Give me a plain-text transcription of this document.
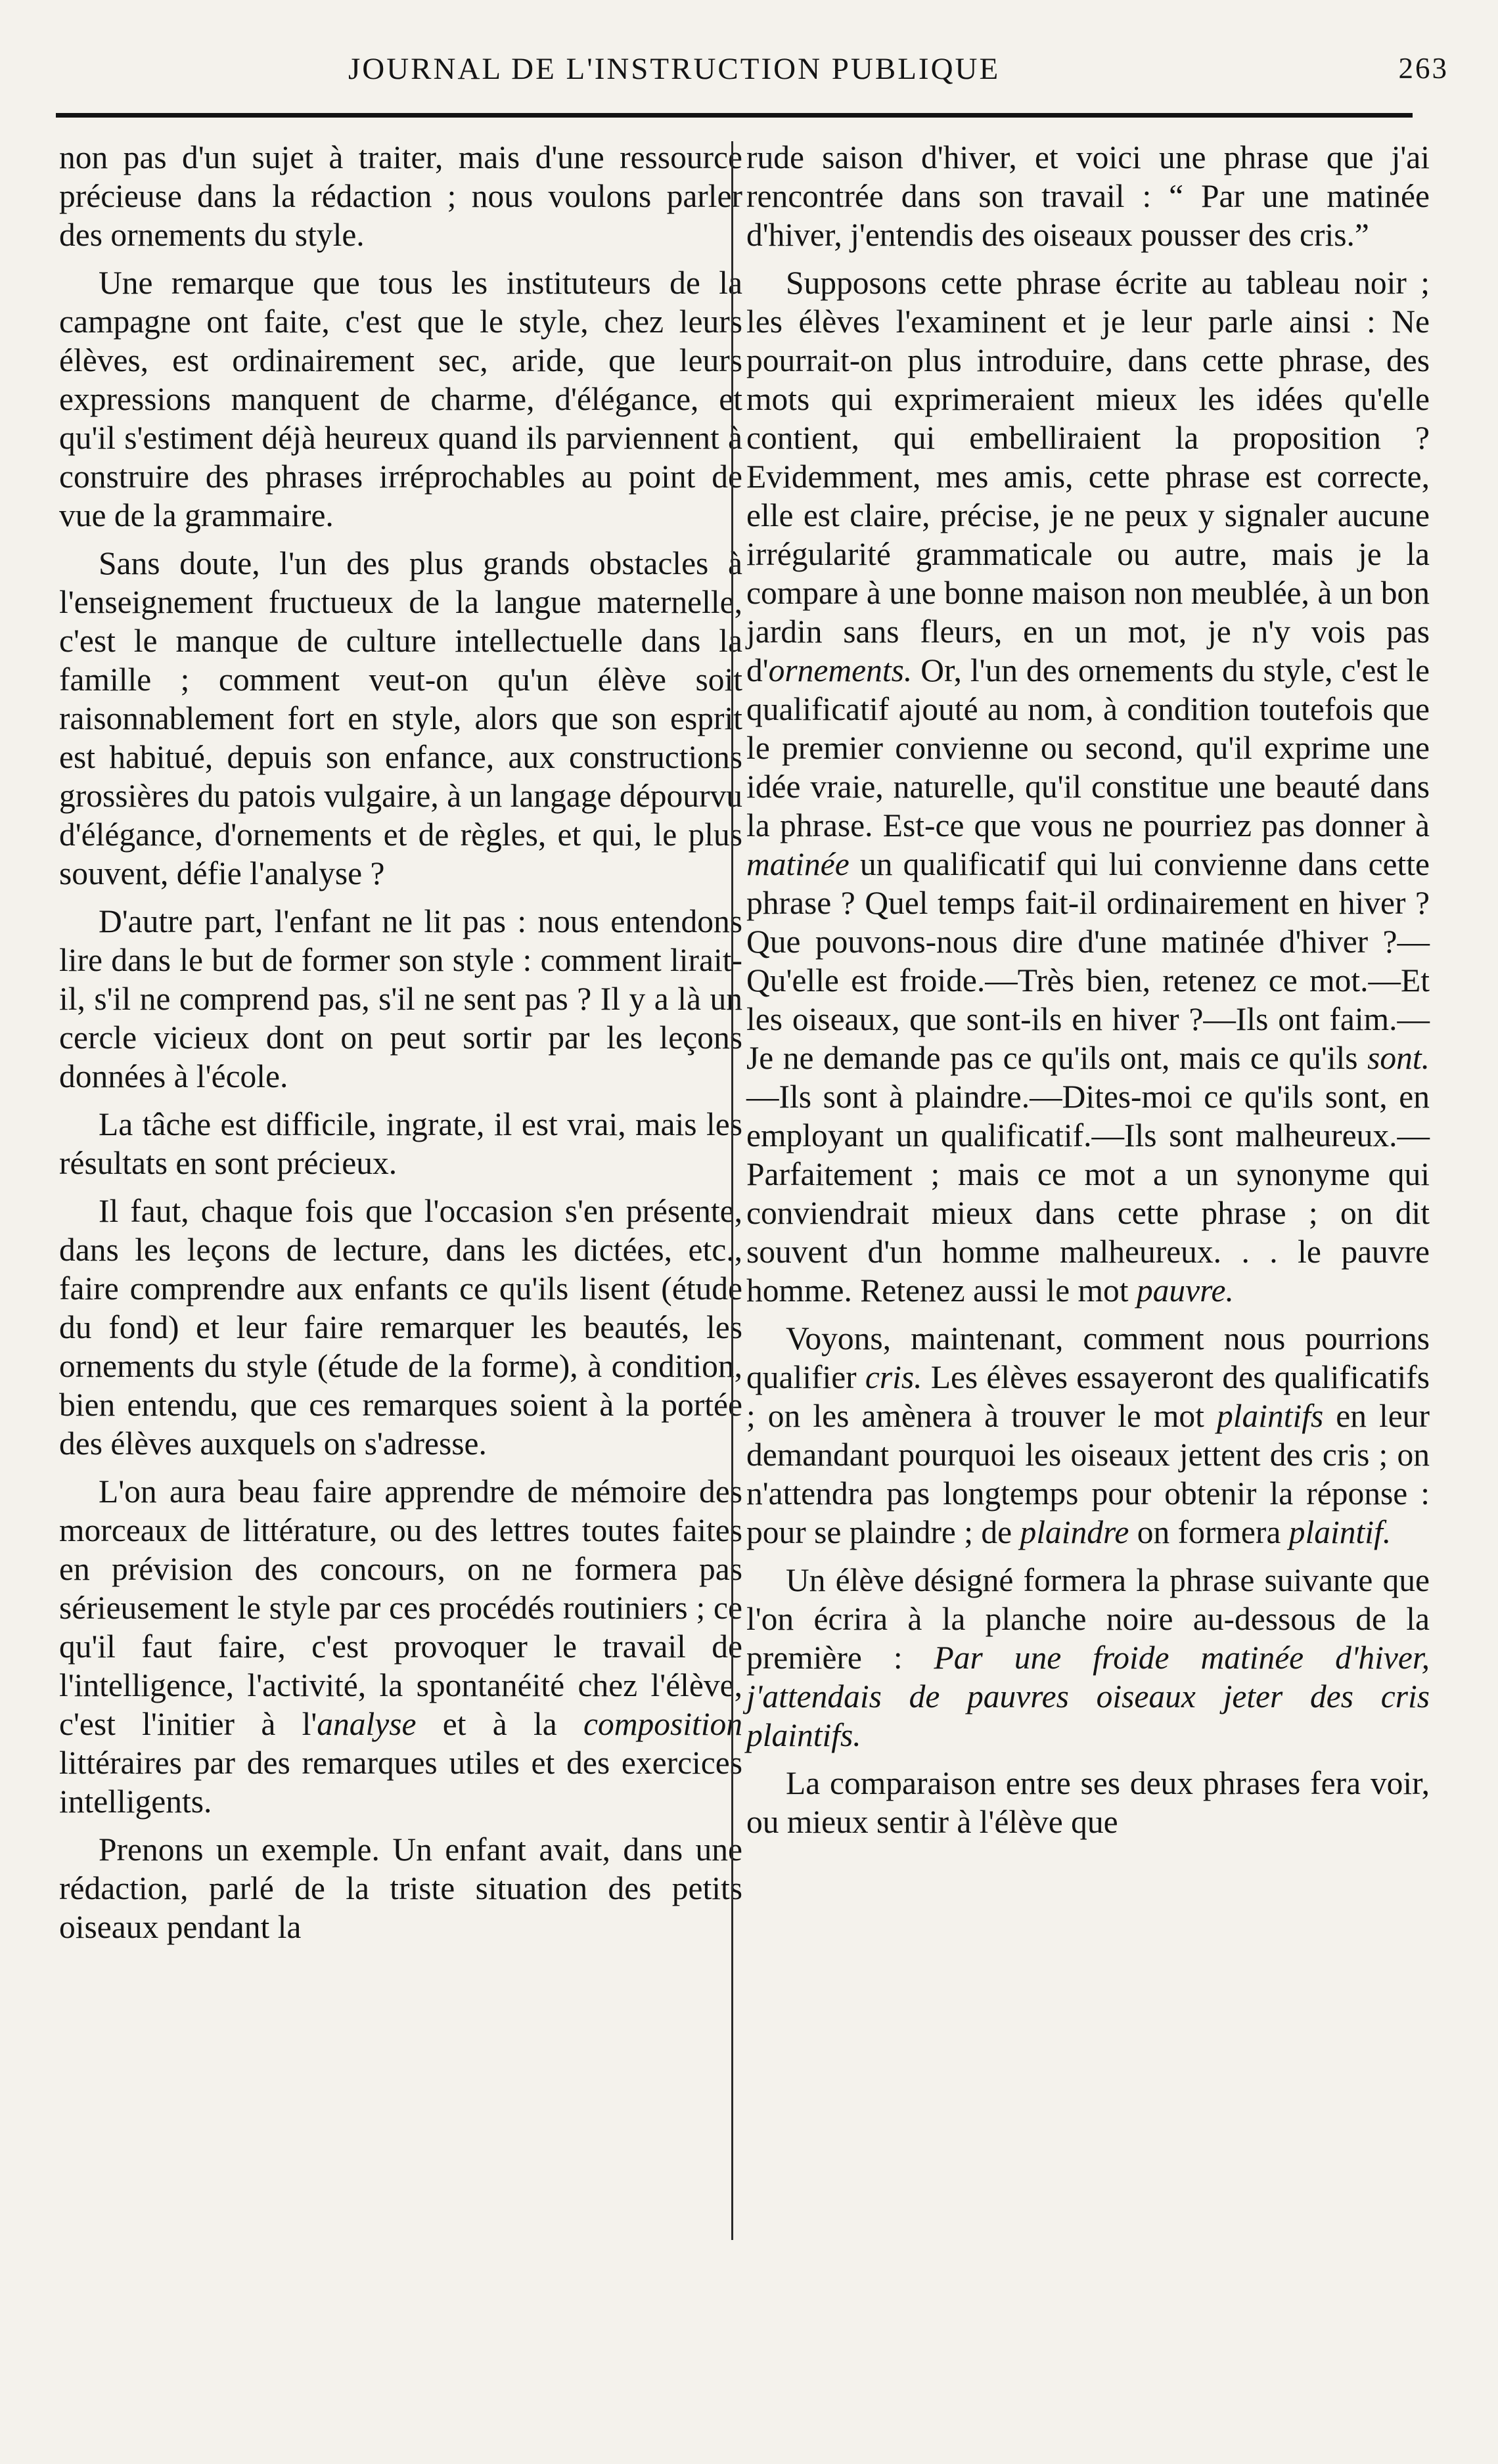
JOURNAL DE L'INSTRUCTION PUBLIQUE	263

non pas d'un sujet à traiter, mais d'une ressource précieuse dans la rédaction ; nous voulons parler des ornements du style.

Une remarque que tous les instituteurs de la campagne ont faite, c'est que le style, chez leurs élèves, est ordinairement sec, aride, que leurs expressions manquent de charme, d'élégance, et qu'il s'estiment déjà heureux quand ils parviennent à construire des phrases irréprochables au point de vue de la grammaire.

Sans doute, l'un des plus grands obstacles à l'enseignement fructueux de la langue maternelle, c'est le manque de culture intellectuelle dans la famille ; comment veut-on qu'un élève soit raisonnablement fort en style, alors que son esprit est habitué, depuis son enfance, aux constructions grossières du patois vulgaire, à un langage dépourvu d'élégance, d'ornements et de règles, et qui, le plus souvent, défie l'analyse ?

D'autre part, l'enfant ne lit pas : nous entendons lire dans le but de former son style : comment lirait-il, s'il ne comprend pas, s'il ne sent pas ? Il y a là un cercle vicieux dont on peut sortir par les leçons données à l'école.

La tâche est difficile, ingrate, il est vrai, mais les résultats en sont précieux.

Il faut, chaque fois que l'occasion s'en présente, dans les leçons de lecture, dans les dictées, etc., faire comprendre aux enfants ce qu'ils lisent (étude du fond) et leur faire remarquer les beautés, les ornements du style (étude de la forme), à condition, bien entendu, que ces remarques soient à la portée des élèves auxquels on s'adresse.

L'on aura beau faire apprendre de mémoire des morceaux de littérature, ou des lettres toutes faites en prévision des concours, on ne formera pas sérieusement le style par ces procédés routiniers ; ce qu'il faut faire, c'est provoquer le travail de l'intelligence, l'activité, la spontanéité chez l'élève, c'est l'initier à l'analyse et à la composition littéraires par des remarques utiles et des exercices intelligents.

Prenons un exemple. Un enfant avait, dans une rédaction, parlé de la triste situation des petits oiseaux pendant la

rude saison d'hiver, et voici une phrase que j'ai rencontrée dans son travail : “ Par une matinée d'hiver, j'entendis des oiseaux pousser des cris.”

Supposons cette phrase écrite au tableau noir ; les élèves l'examinent et je leur parle ainsi : Ne pourrait-on plus introduire, dans cette phrase, des mots qui exprimeraient mieux les idées qu'elle contient, qui embelliraient la proposition ? Evidemment, mes amis, cette phrase est correcte, elle est claire, précise, je ne peux y signaler aucune irrégularité grammaticale ou autre, mais je la compare à une bonne maison non meublée, à un bon jardin sans fleurs, en un mot, je n'y vois pas d'ornements. Or, l'un des ornements du style, c'est le qualificatif ajouté au nom, à condition toutefois que le premier convienne ou second, qu'il exprime une idée vraie, naturelle, qu'il constitue une beauté dans la phrase. Est-ce que vous ne pourriez pas donner à matinée un qualificatif qui lui convienne dans cette phrase ? Quel temps fait-il ordinairement en hiver ? Que pouvons-nous dire d'une matinée d'hiver ?—Qu'elle est froide.—Très bien, retenez ce mot.—Et les oiseaux, que sont-ils en hiver ?—Ils ont faim.—Je ne demande pas ce qu'ils ont, mais ce qu'ils sont.—Ils sont à plaindre.—Dites-moi ce qu'ils sont, en employant un qualificatif.—Ils sont malheureux.—Parfaitement ; mais ce mot a un synonyme qui conviendrait mieux dans cette phrase ; on dit souvent d'un homme malheureux. . . le pauvre homme. Retenez aussi le mot pauvre.

Voyons, maintenant, comment nous pourrions qualifier cris. Les élèves essayeront des qualificatifs ; on les amènera à trouver le mot plaintifs en leur demandant pourquoi les oiseaux jettent des cris ; on n'attendra pas longtemps pour obtenir la réponse : pour se plaindre ; de plaindre on formera plaintif.

Un élève désigné formera la phrase suivante que l'on écrira à la planche noire au-dessous de la première : Par une froide matinée d'hiver, j'attendais de pauvres oiseaux jeter des cris plaintifs.

La comparaison entre ses deux phrases fera voir, ou mieux sentir à l'élève que
